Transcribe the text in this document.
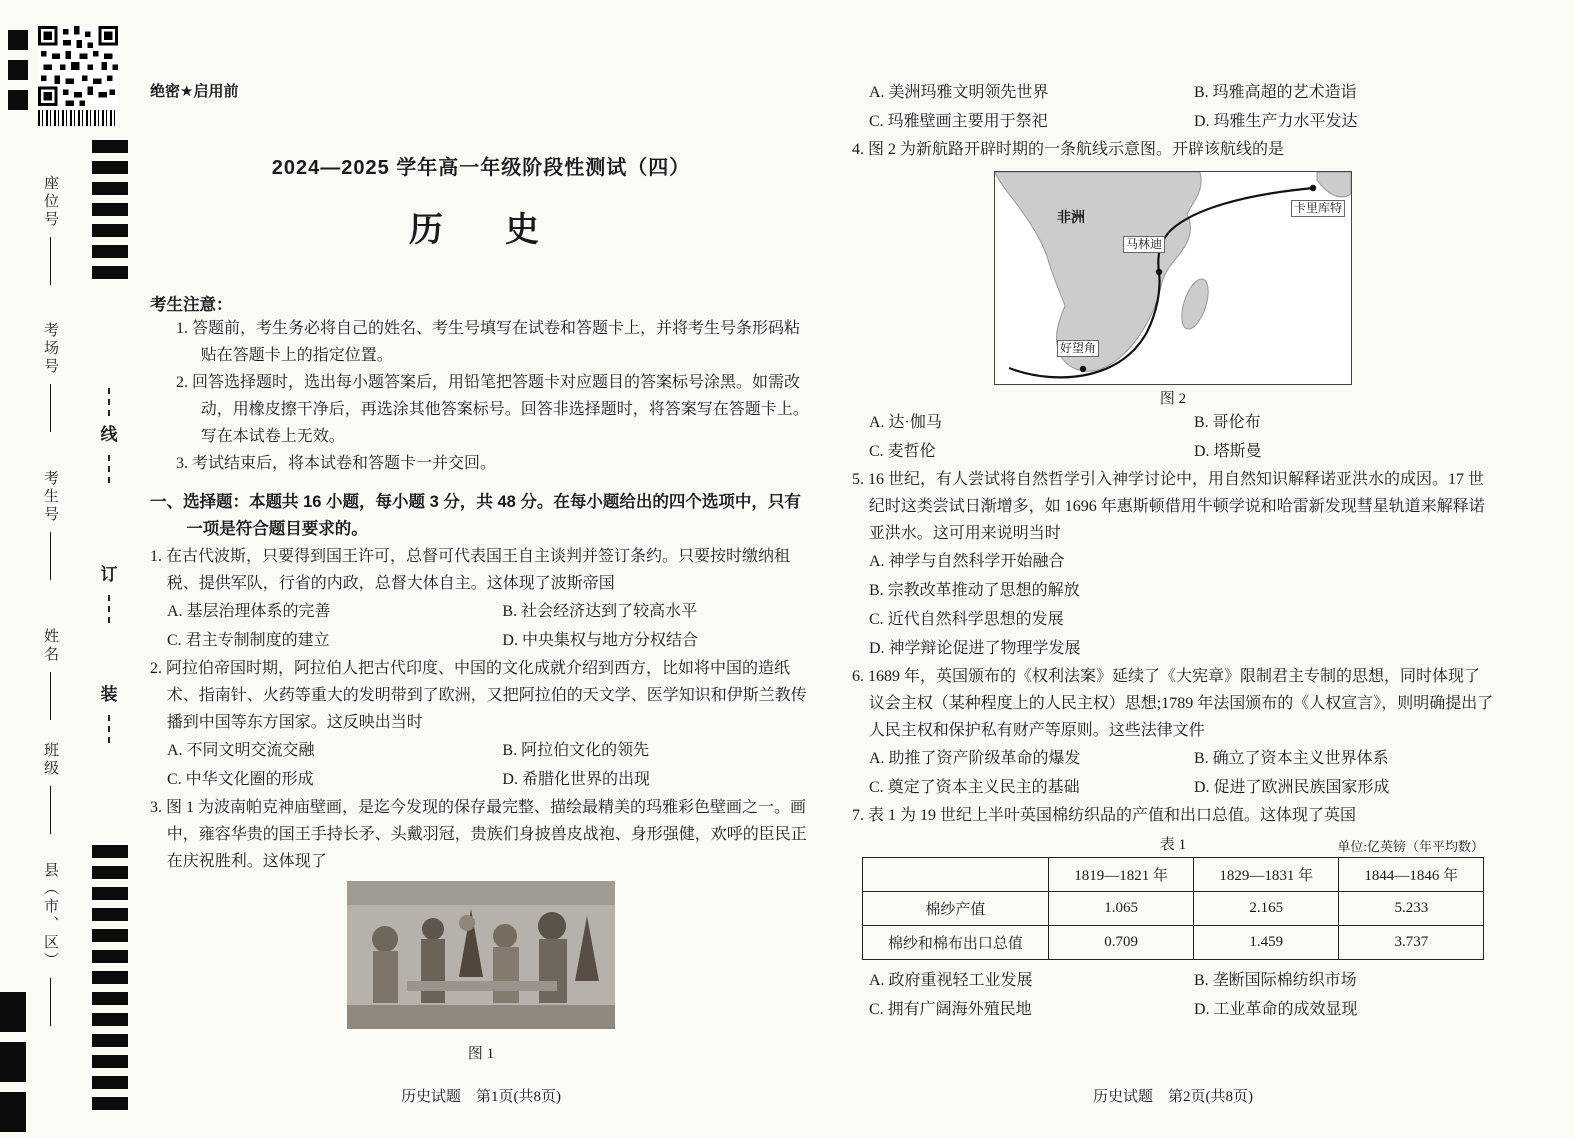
座位号
考场号
考生号
姓名
班级
县（市、区）
线
订
装
绝密★启用前
2024—2025 学年高一年级阶段性测试（四）
历　史
考生注意：
1. 答题前，考生务必将自己的姓名、考生号填写在试卷和答题卡上，并将考生号条形码粘贴在答题卡上的指定位置。
2. 回答选择题时，选出每小题答案后，用铅笔把答题卡对应题目的答案标号涂黑。如需改动，用橡皮擦干净后，再选涂其他答案标号。回答非选择题时，将答案写在答题卡上。写在本试卷上无效。
3. 考试结束后，将本试卷和答题卡一并交回。
一、选择题：本题共 16 小题，每小题 3 分，共 48 分。在每小题给出的四个选项中，只有一项是符合题目要求的。
1. 在古代波斯，只要得到国王许可，总督可代表国王自主谈判并签订条约。只要按时缴纳租税、提供军队，行省的内政，总督大体自主。这体现了波斯帝国
A. 基层治理体系的完善	B. 社会经济达到了较高水平
C. 君主专制制度的建立	D. 中央集权与地方分权结合
2. 阿拉伯帝国时期，阿拉伯人把古代印度、中国的文化成就介绍到西方，比如将中国的造纸术、指南针、火药等重大的发明带到了欧洲，又把阿拉伯的天文学、医学知识和伊斯兰教传播到中国等东方国家。这反映出当时
A. 不同文明交流交融	B. 阿拉伯文化的领先
C. 中华文化圈的形成	D. 希腊化世界的出现
3. 图 1 为波南帕克神庙壁画，是迄今发现的保存最完整、描绘最精美的玛雅彩色壁画之一。画中，雍容华贵的国王手持长矛、头戴羽冠，贵族们身披兽皮战袍、身形强健，欢呼的臣民正在庆祝胜利。这体现了
图 1
历史试题　第1页(共8页)
A. 美洲玛雅文明领先世界	B. 玛雅高超的艺术造诣
C. 玛雅壁画主要用于祭祀	D. 玛雅生产力水平发达
4. 图 2 为新航路开辟时期的一条航线示意图。开辟该航线的是
非洲
马林迪
好望角
卡里库特
图 2
A. 达·伽马	B. 哥伦布
C. 麦哲伦	D. 塔斯曼
5. 16 世纪，有人尝试将自然哲学引入神学讨论中，用自然知识解释诺亚洪水的成因。17 世纪时这类尝试日渐增多，如 1696 年惠斯顿借用牛顿学说和哈雷新发现彗星轨道来解释诺亚洪水。这可用来说明当时
A. 神学与自然科学开始融合
B. 宗教改革推动了思想的解放
C. 近代自然科学思想的发展
D. 神学辩论促进了物理学发展
6. 1689 年，英国颁布的《权利法案》延续了《大宪章》限制君主专制的思想，同时体现了议会主权（某种程度上的人民主权）思想;1789 年法国颁布的《人权宣言》，则明确提出了人民主权和保护私有财产等原则。这些法律文件
A. 助推了资产阶级革命的爆发	B. 确立了资本主义世界体系
C. 奠定了资本主义民主的基础	D. 促进了欧洲民族国家形成
7. 表 1 为 19 世纪上半叶英国棉纺织品的产值和出口总值。这体现了英国
表 1	单位:亿英镑（年平均数）
	1819—1821 年	1829—1831 年	1844—1846 年
棉纱产值	1.065	2.165	5.233
棉纱和棉布出口总值	0.709	1.459	3.737
A. 政府重视轻工业发展	B. 垄断国际棉纺织市场
C. 拥有广阔海外殖民地	D. 工业革命的成效显现
历史试题　第2页(共8页)
